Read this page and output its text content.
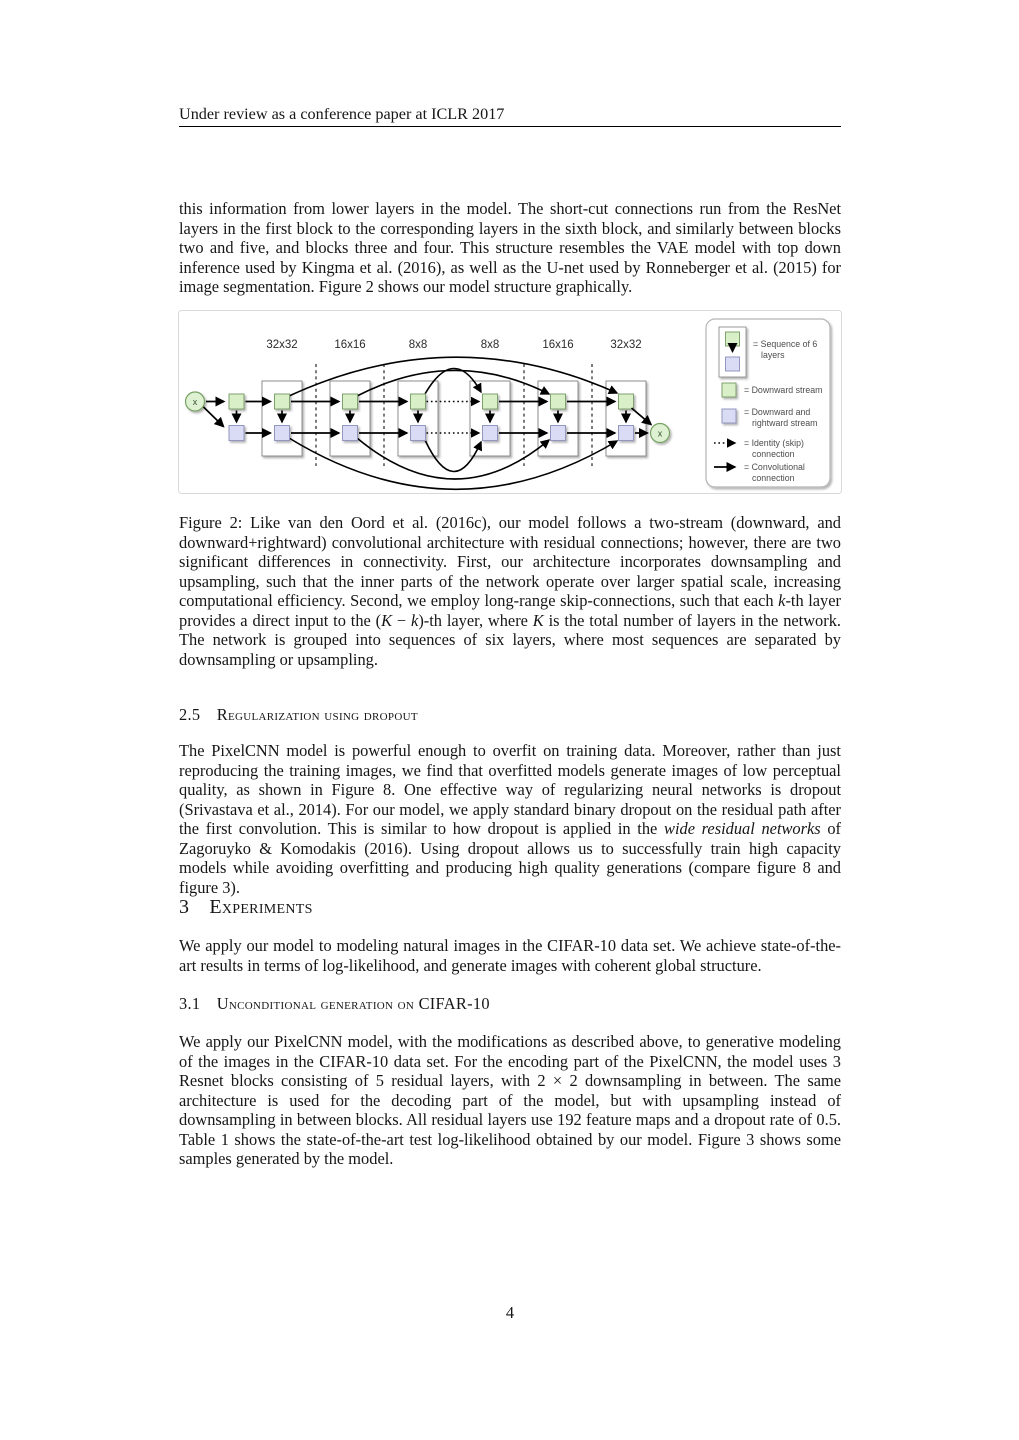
Under review as a conference paper at ICLR 2017

this information from lower layers in the model. The short-cut connections run from the ResNet layers in the first block to the corresponding layers in the sixth block, and similarly between blocks two and five, and blocks three and four. This structure resembles the VAE model with top down inference used by Kingma et al. (2016), as well as the U-net used by Ronneberger et al. (2015) for image segmentation. Figure 2 shows our model structure graphically.

32x32	16x16	8x8	8x8	16x16	32x32
x
x
= Sequence of 6
layers
= Downward stream
= Downward and
rightward stream
= Identity (skip)
connection
= Convolutional
connection

Figure 2: Like van den Oord et al. (2016c), our model follows a two-stream (downward, and downward+rightward) convolutional architecture with residual connections; however, there are two significant differences in connectivity. First, our architecture incorporates downsampling and upsampling, such that the inner parts of the network operate over larger spatial scale, increasing computational efficiency. Second, we employ long-range skip-connections, such that each k-th layer provides a direct input to the (K − k)-th layer, where K is the total number of layers in the network. The network is grouped into sequences of six layers, where most sequences are separated by downsampling or upsampling.

2.5 Regularization using dropout

The PixelCNN model is powerful enough to overfit on training data. Moreover, rather than just reproducing the training images, we find that overfitted models generate images of low perceptual quality, as shown in Figure 8. One effective way of regularizing neural networks is dropout (Srivastava et al., 2014). For our model, we apply standard binary dropout on the residual path after the first convolution. This is similar to how dropout is applied in the wide residual networks of Zagoruyko & Komodakis (2016). Using dropout allows us to successfully train high capacity models while avoiding overfitting and producing high quality generations (compare figure 8 and figure 3).

3 Experiments

We apply our model to modeling natural images in the CIFAR-10 data set. We achieve state-of-the-art results in terms of log-likelihood, and generate images with coherent global structure.

3.1 Unconditional generation on CIFAR-10

We apply our PixelCNN model, with the modifications as described above, to generative modeling of the images in the CIFAR-10 data set. For the encoding part of the PixelCNN, the model uses 3 Resnet blocks consisting of 5 residual layers, with 2 × 2 downsampling in between. The same architecture is used for the decoding part of the model, but with upsampling instead of downsampling in between blocks. All residual layers use 192 feature maps and a dropout rate of 0.5. Table 1 shows the state-of-the-art test log-likelihood obtained by our model. Figure 3 shows some samples generated by the model.

4
